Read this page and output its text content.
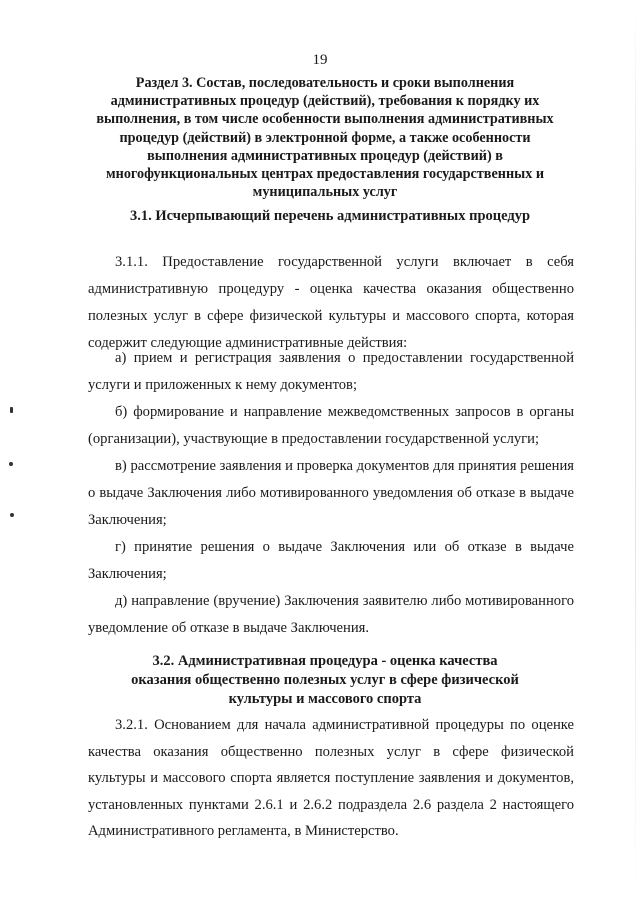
19
Раздел 3. Состав, последовательность и сроки выполнения административных процедур (действий), требования к порядку их выполнения, в том числе особенности выполнения административных процедур (действий) в электронной форме, а также особенности выполнения административных процедур (действий) в многофункциональных центрах предоставления государственных и муниципальных услуг
3.1. Исчерпывающий перечень административных процедур

3.1.1. Предоставление государственной услуги включает в себя административную процедуру - оценка качества оказания общественно полезных услуг в сфере физической культуры и массового спорта, которая содержит следующие административные действия:

а) прием и регистрация заявления о предоставлении государственной услуги и приложенных к нему документов;

б) формирование и направление межведомственных запросов в органы (организации), участвующие в предоставлении государственной услуги;

в) рассмотрение заявления и проверка документов для принятия решения о выдаче Заключения либо мотивированного уведомления об отказе в выдаче Заключения;

г) принятие решения о выдаче Заключения или об отказе в выдаче Заключения;

д) направление (вручение) Заключения заявителю либо мотивированного уведомление об отказе в выдаче Заключения.

3.2. Административная процедура - оценка качества оказания общественно полезных услуг в сфере физической культуры и массового спорта

3.2.1. Основанием для начала административной процедуры по оценке качества оказания общественно полезных услуг в сфере физической культуры и массового спорта является поступление заявления и документов, установленных пунктами 2.6.1 и 2.6.2 подраздела 2.6 раздела 2 настоящего Административного регламента, в Министерство.
